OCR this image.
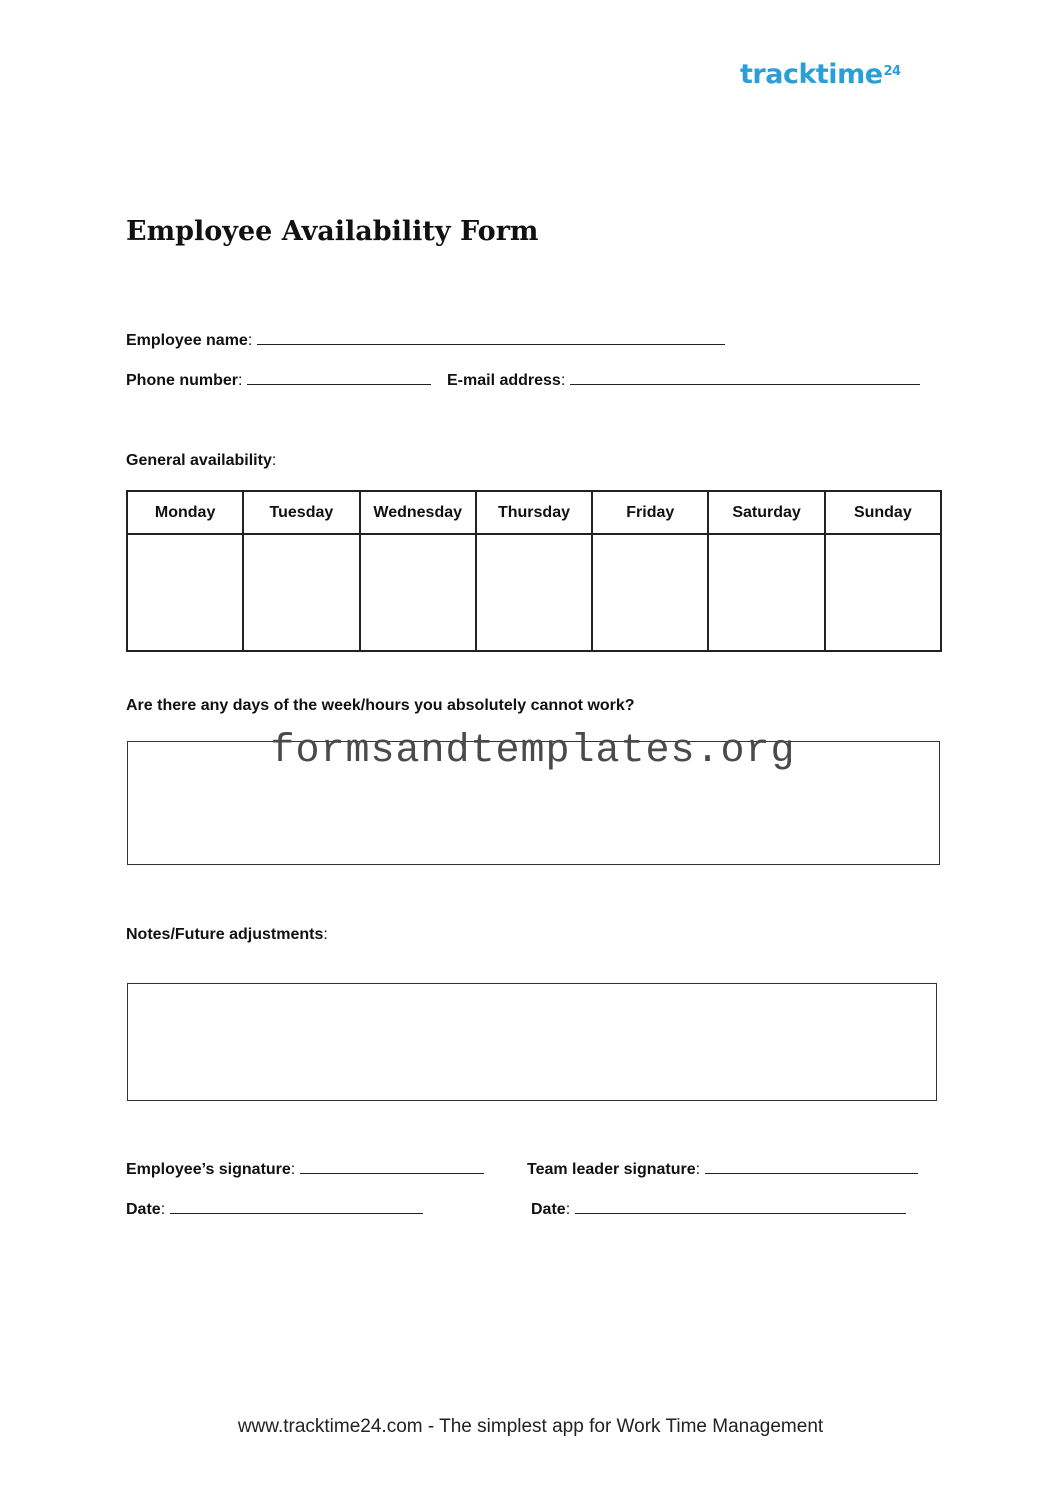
tracktime$^{24}$
Employee Availability Form
Employee name :
Phone number :	E-mail address :
General availability:
Monday	Tuesday	Wednesday	Thursday	Friday	Saturday	Sunday

Are there any days of the week/hours you absolutely cannot work?
formsandtemplates.org
Notes/Future adjustments:
Employee’s signature :	Team leader signature :
Date :	Date :
www.tracktime24.com - The simplest app for Work Time Management
